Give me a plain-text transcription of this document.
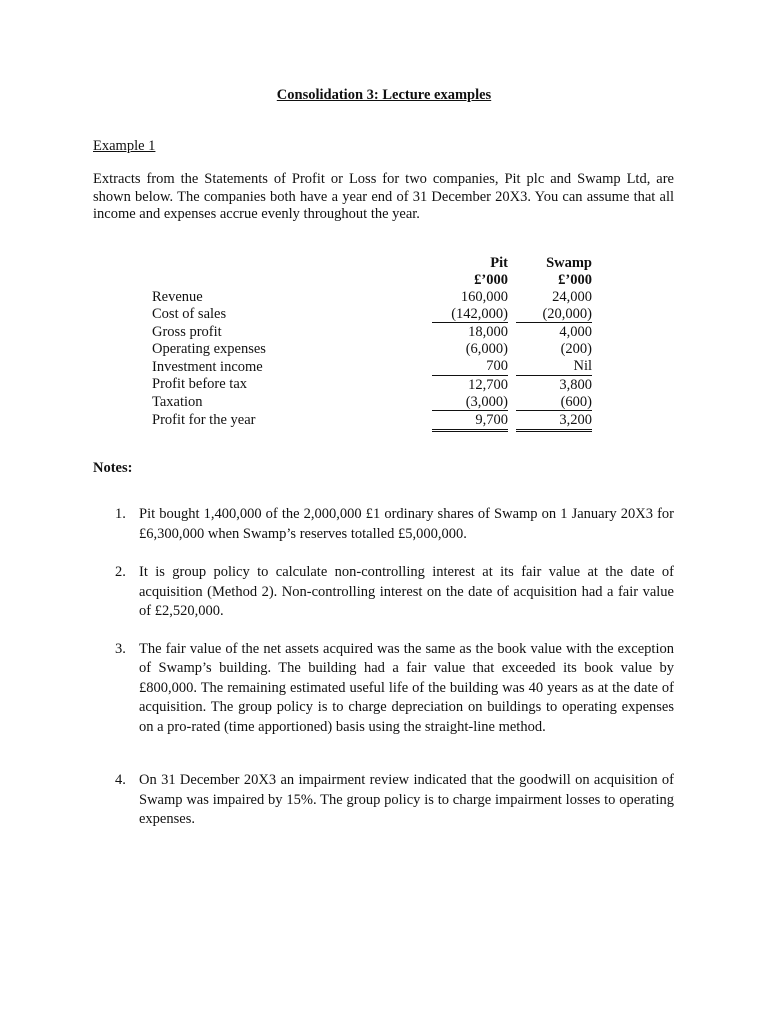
Consolidation 3: Lecture examples
Example 1
Extracts from the Statements of Profit or Loss for two companies, Pit plc and Swamp Ltd, are shown below. The companies both have a year end of 31 December 20X3. You can assume that all income and expenses accrue evenly throughout the year.
	Pit		Swamp
	£’000		£’000
Revenue	160,000		24,000
Cost of sales	(142,000)		(20,000)
Gross profit	18,000		4,000
Operating expenses	(6,000)		(200)
Investment income	700		Nil
Profit before tax	12,700		3,800
Taxation	(3,000)		(600)
Profit for the year	9,700		3,200
Notes:
1. Pit bought 1,400,000 of the 2,000,000 £1 ordinary shares of Swamp on 1 January 20X3 for £6,300,000 when Swamp’s reserves totalled £5,000,000.
2. It is group policy to calculate non-controlling interest at its fair value at the date of acquisition (Method 2). Non-controlling interest on the date of acquisition had a fair value of £2,520,000.
3. The fair value of the net assets acquired was the same as the book value with the exception of Swamp’s building. The building had a fair value that exceeded its book value by £800,000. The remaining estimated useful life of the building was 40 years as at the date of acquisition. The group policy is to charge depreciation on buildings to operating expenses on a pro-rated (time apportioned) basis using the straight-line method.
4. On 31 December 20X3 an impairment review indicated that the goodwill on acquisition of Swamp was impaired by 15%. The group policy is to charge impairment losses to operating expenses.
